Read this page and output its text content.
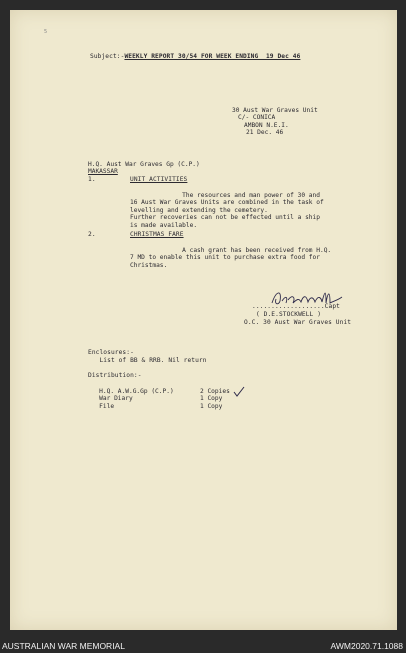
5
Subject:-WEEKLY REPORT 30/54 FOR WEEK ENDING  19 Dec 46

30 Aust War Graves Unit
C/- CONICA
AMBON N.E.I.
21 Dec. 46

H.Q. Aust War Graves Gp (C.P.)
MAKASSAR

1.	UNIT ACTIVITIES

The resources and man power of 30 and
16 Aust War Graves Units are combined in the task of
levelling and extending the cemetery.
Further recoveries can not be effected until a ship
is made available.

2.	CHRISTMAS FARE

A cash grant has been received from H.Q.
7 MD to enable this unit to purchase extra food for
Christmas.

...................Capt
( D.E.STOCKWELL )
O.C. 30 Aust War Graves Unit
Enclosures:-
List of BB & RRB. Nil return
Distribution:-

H.Q. A.W.G.Gp (C.P.)	2 Copies
War Diary	1 Copy
File	1 Copy

AUSTRALIAN WAR MEMORIAL	AWM2020.71.1088
